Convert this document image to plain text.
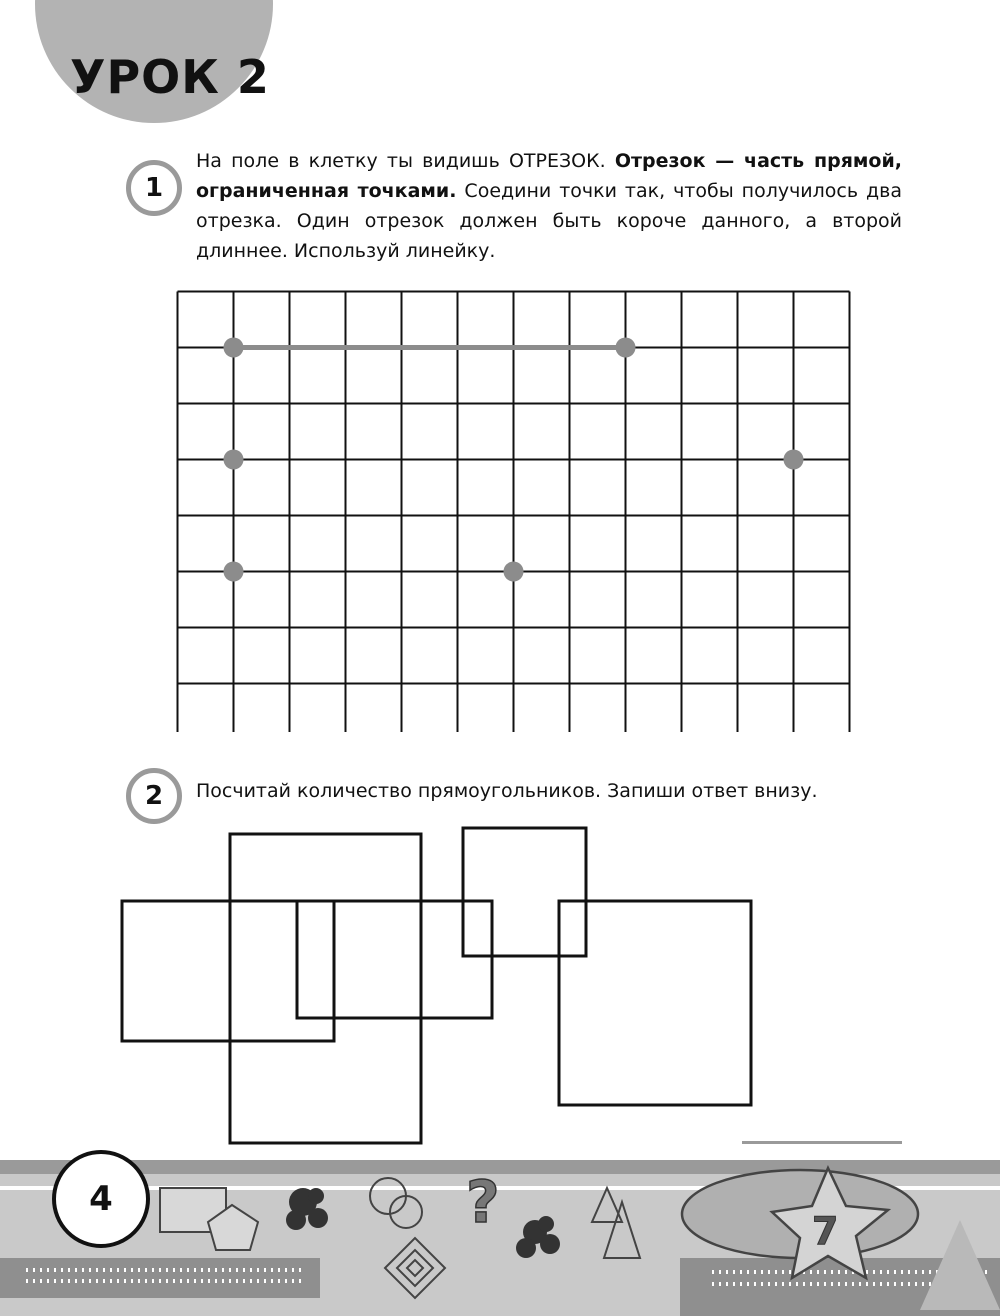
УРОК 2
1
На поле в клетку ты видишь ОТРЕЗОК. Отрезок — часть прямой, ограниченная точками. Соедини точки так, чтобы получилось два отрезка. Один отрезок должен быть короче данного, а второй длиннее. Используй линейку.
2 Посчитай количество прямоугольников. Запиши ответ внизу.
?	7
4
